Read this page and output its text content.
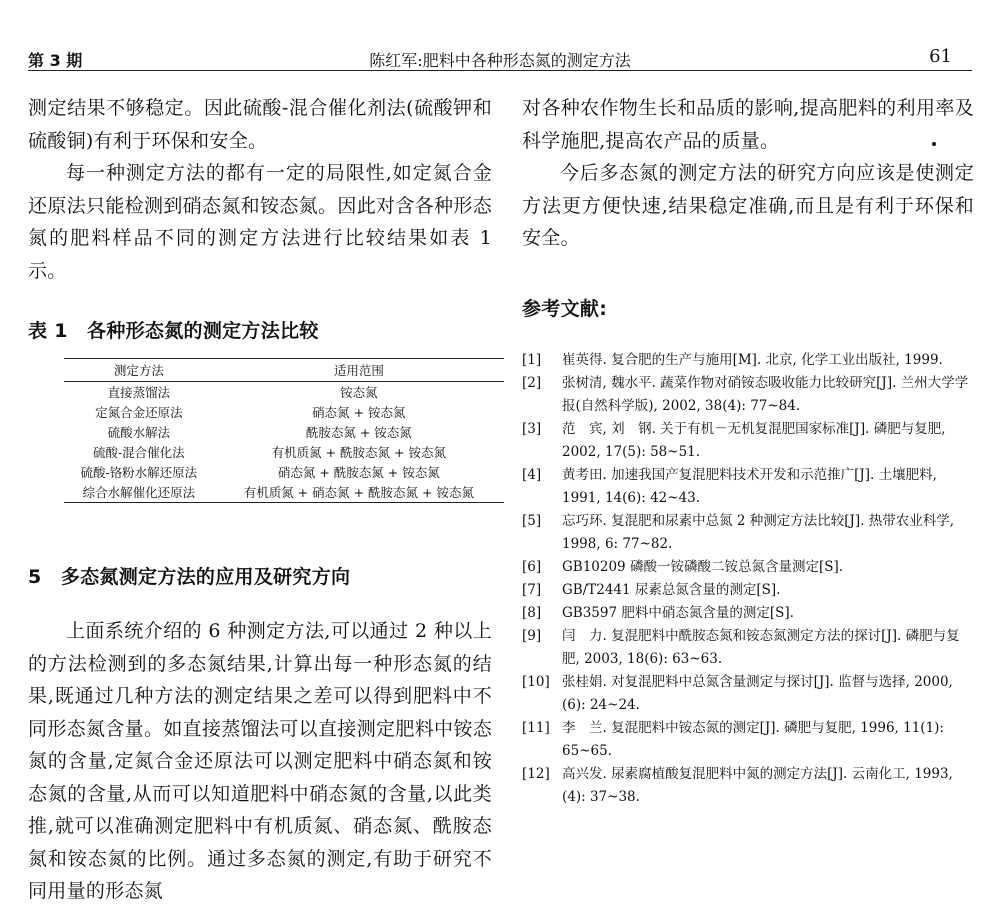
第 3 期	陈红军:肥料中各种形态氮的测定方法	61

测定结果不够稳定。因此硫酸-混合催化剂法(硫酸钾和硫酸铜)有利于环保和安全。

每一种测定方法的都有一定的局限性,如定氮合金还原法只能检测到硝态氮和铵态氮。因此对含各种形态氮的肥料样品不同的测定方法进行比较结果如表 1 示。

表 1　各种形态氮的测定方法比较

测定方法	适用范围
直接蒸馏法	铵态氮
定氮合金还原法	硝态氮 + 铵态氮
硫酸水解法	酰胺态氮 + 铵态氮
硫酸-混合催化法	有机质氮 + 酰胺态氮 + 铵态氮
硫酸-铬粉水解还原法	硝态氮 + 酰胺态氮 + 铵态氮
综合水解催化还原法	有机质氮 + 硝态氮 + 酰胺态氮 + 铵态氮

5　多态氮测定方法的应用及研究方向

上面系统介绍的 6 种测定方法,可以通过 2 种以上的方法检测到的多态氮结果,计算出每一种形态氮的结果,既通过几种方法的测定结果之差可以得到肥料中不同形态氮含量。如直接蒸馏法可以直接测定肥料中铵态氮的含量,定氮合金还原法可以测定肥料中硝态氮和铵态氮的含量,从而可以知道肥料中硝态氮的含量,以此类推,就可以准确测定肥料中有机质氮、硝态氮、酰胺态氮和铵态氮的比例。通过多态氮的测定,有助于研究不同用量的形态氮

对各种农作物生长和品质的影响,提高肥料的利用率及科学施肥,提高农产品的质量。

今后多态氮的测定方法的研究方向应该是使测定方法更方便快速,结果稳定准确,而且是有利于环保和安全。

参考文献:

[1] 崔英得. 复合肥的生产与施用[M]. 北京, 化学工业出版社, 1999.
[2] 张树清, 魏水平. 蔬菜作物对硝铵态吸收能力比较研究[J]. 兰州大学学报(自然科学版), 2002, 38(4): 77~84.
[3] 范　宾, 刘　钢. 关于有机－无机复混肥国家标准[J]. 磷肥与复肥, 2002, 17(5): 58~51.
[4] 黄考田. 加速我国产复混肥料技术开发和示范推广[J]. 土壤肥料, 1991, 14(6): 42~43.
[5] 忘巧环. 复混肥和尿素中总氮 2 种测定方法比较[J]. 热带农业科学, 1998, 6: 77~82.
[6] GB10209 磷酸一铵磷酸二铵总氮含量测定[S].
[7] GB/T2441 尿素总氮含量的测定[S].
[8] GB3597 肥料中硝态氮含量的测定[S].
[9] 闫　力. 复混肥料中酰胺态氮和铵态氮测定方法的探讨[J]. 磷肥与复肥, 2003, 18(6): 63~63.
[10] 张桂娟. 对复混肥料中总氮含量测定与探讨[J]. 监督与选择, 2000, (6): 24~24.
[11] 李　兰. 复混肥料中铵态氮的测定[J]. 磷肥与复肥, 1996, 11(1): 65~65.
[12] 高兴发. 尿素腐植酸复混肥料中氮的测定方法[J]. 云南化工, 1993, (4): 37~38.
